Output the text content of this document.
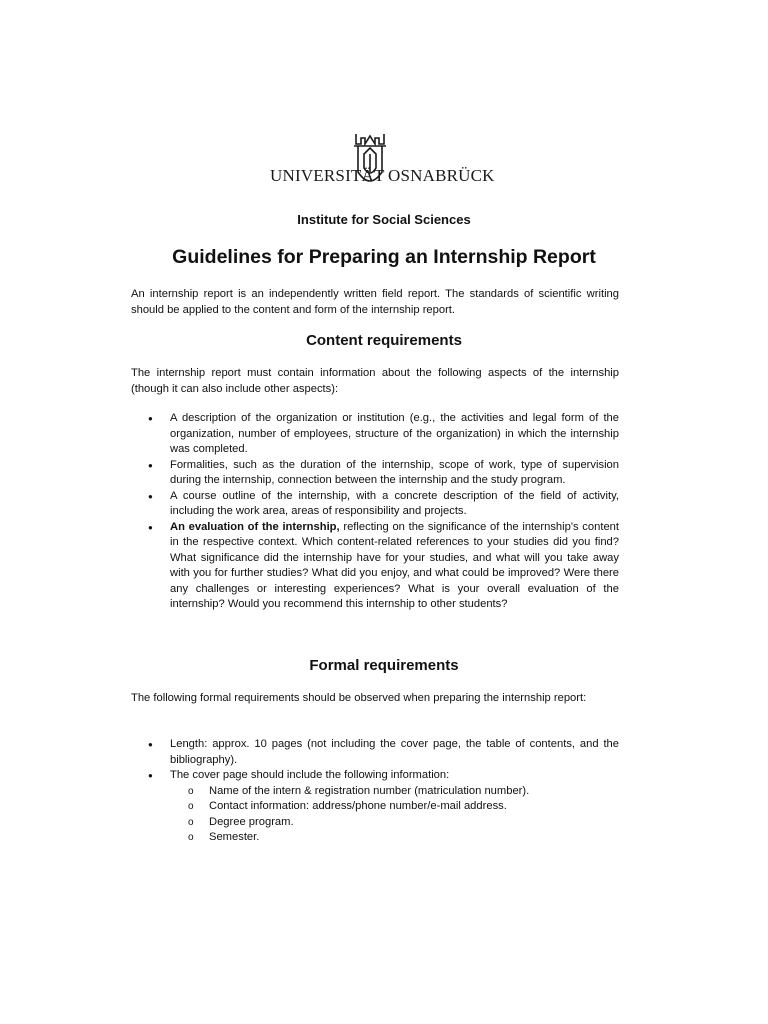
UNIVERSITÄT OSNABRÜCK
Institute for Social Sciences
Guidelines for Preparing an Internship Report

An internship report is an independently written field report. The standards of scientific writing should be applied to the content and form of the internship report.

Content requirements

The internship report must contain information about the following aspects of the internship (though it can also include other aspects):

● A description of the organization or institution (e.g., the activities and legal form of the organization, number of employees, structure of the organization) in which the internship was completed.
● Formalities, such as the duration of the internship, scope of work, type of supervision during the internship, connection between the internship and the study program.
● A course outline of the internship, with a concrete description of the field of activity, including the work area, areas of responsibility and projects.
● An evaluation of the internship, reflecting on the significance of the internship's content in the respective context. Which content-related references to your studies did you find? What significance did the internship have for your studies, and what will you take away with you for further studies? What did you enjoy, and what could be improved? Were there any challenges or interesting experiences? What is your overall evaluation of the internship? Would you recommend this internship to other students?
Formal requirements

The following formal requirements should be observed when preparing the internship report:

● Length: approx. 10 pages (not including the cover page, the table of contents, and the bibliography).
● The cover page should include the following information:
o Name of the intern & registration number (matriculation number).
o Contact information: address/phone number/e-mail address.
o Degree program.
o Semester.
